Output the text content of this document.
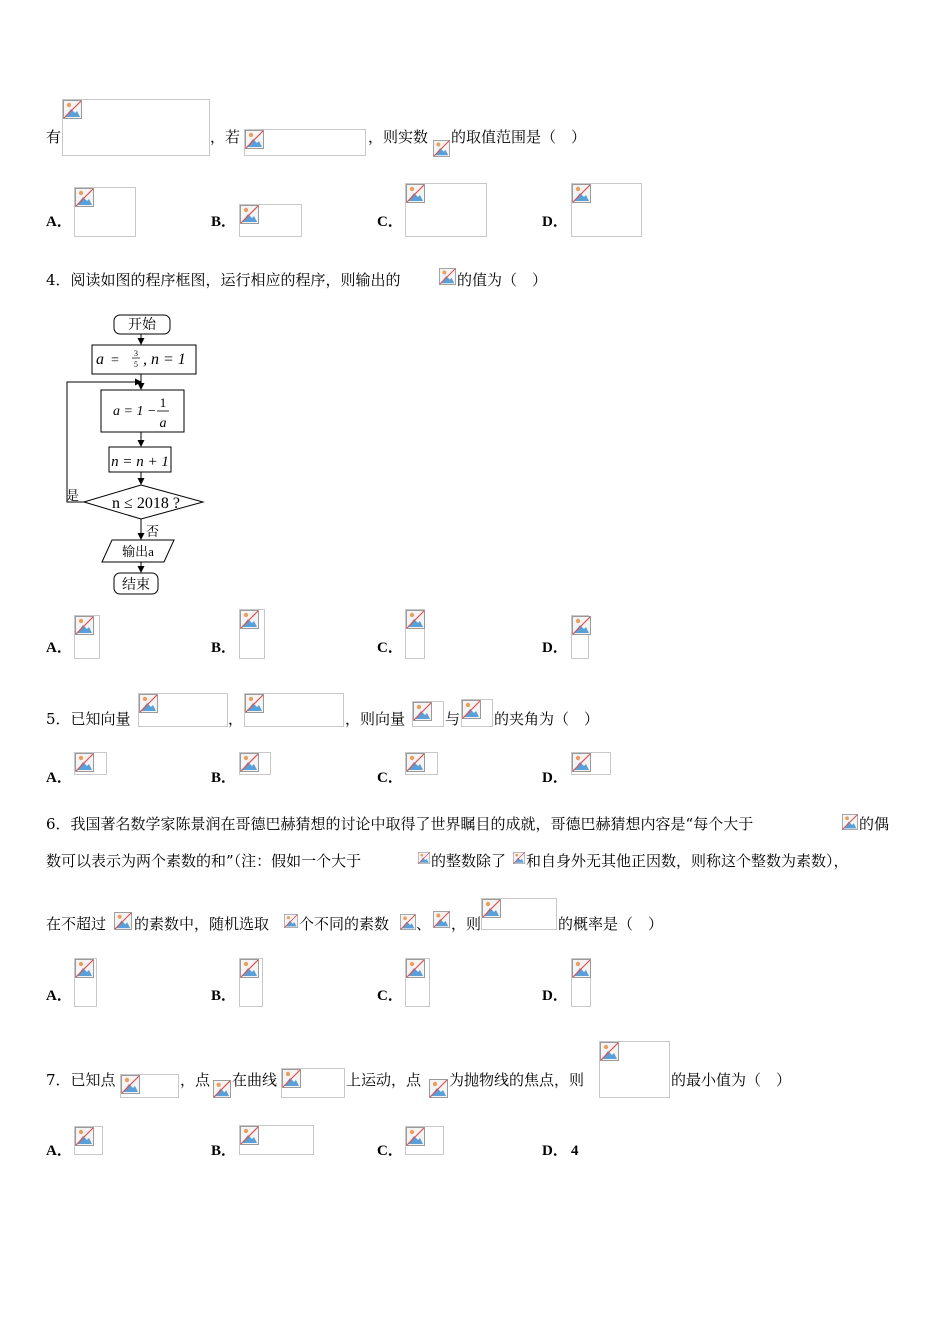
有	，若	，则实数 的取值范围是（　）
A．	B．	C．	D．
4．阅读如图的程序框图，运行相应的程序，则输出的	的值为（　）
开始
a = 3
5 , n = 1
a = 1 −
1
a
n = n + 1
n ≤ 2018 ?
是
否
输出a
结束
A．	B．	C．	D．
5．已知向量	，	，则向量	与 的夹角为（　）
A．	B．	C．	D．
6．我国著名数学家陈景润在哥德巴赫猜想的讨论中取得了世界瞩目的成就，哥德巴赫猜想内容是“每个大于	的偶
数可以表示为两个素数的和”（注：假如一个大于	的整数除了 和自身外无其他正因数，则称这个整数为素数），
在不超过 的素数中，随机选取 个不同的素数 、 ，则	的概率是（　）
A．	B．	C．	D．
7．已知点	，点 在曲线	上运动，点 为抛物线的焦点，则	的最小值为（　）
A．	B．	C．	D． 4
